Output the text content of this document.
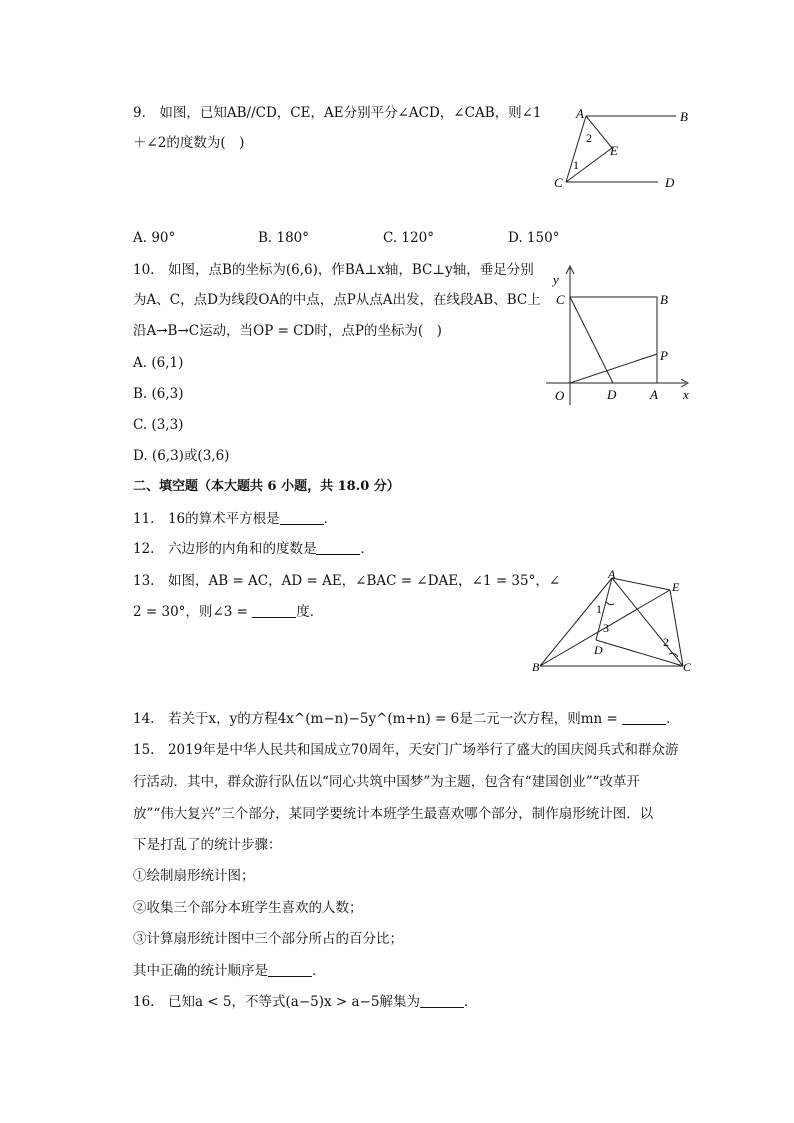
9.　如图，已知AB//CD，CE，AE分别平分∠ACD，∠CAB，则∠1
＋∠2的度数为(　)
A	B
C	D
E
1
2
A. 90°	B. 180°	C. 120°	D. 150°
10.　如图，点B的坐标为(6,6)，作BA⊥x轴，BC⊥y轴，垂足分别
为A、C，点D为线段OA的中点，点P从点A出发，在线段AB、BC上
沿A→B→C运动，当OP = CD时，点P的坐标为(　)
A. (6,1)
B. (6,3)
C. (3,3)
D. (6,3)或(3,6)
y
x
O
C	B
P
D	A
二、填空题（本大题共 6 小题，共 18.0 分）
11.　16的算术平方根是	．
12.　六边形的内角和的度数是	．
13.　如图，AB = AC，AD = AE，∠BAC = ∠DAE，∠1 = 35°，∠
2 = 30°，则∠3 =	度．
A
B	C
D
E
1
2
3
14.　若关于x，y的方程4x^(m−n)−5y^(m+n) = 6是二元一次方程，则mn =	．
15.　2019年是中华人民共和国成立70周年，天安门广场举行了盛大的国庆阅兵式和群众游
行活动．其中，群众游行队伍以“同心共筑中国梦”为主题，包含有“建国创业”“改革开
放”“伟大复兴”三个部分，某同学要统计本班学生最喜欢哪个部分，制作扇形统计图．以
下是打乱了的统计步骤：
①绘制扇形统计图；
②收集三个部分本班学生喜欢的人数；
③计算扇形统计图中三个部分所占的百分比；
其中正确的统计顺序是	．
16.　已知a < 5，不等式(a−5)x > a−5解集为	．
